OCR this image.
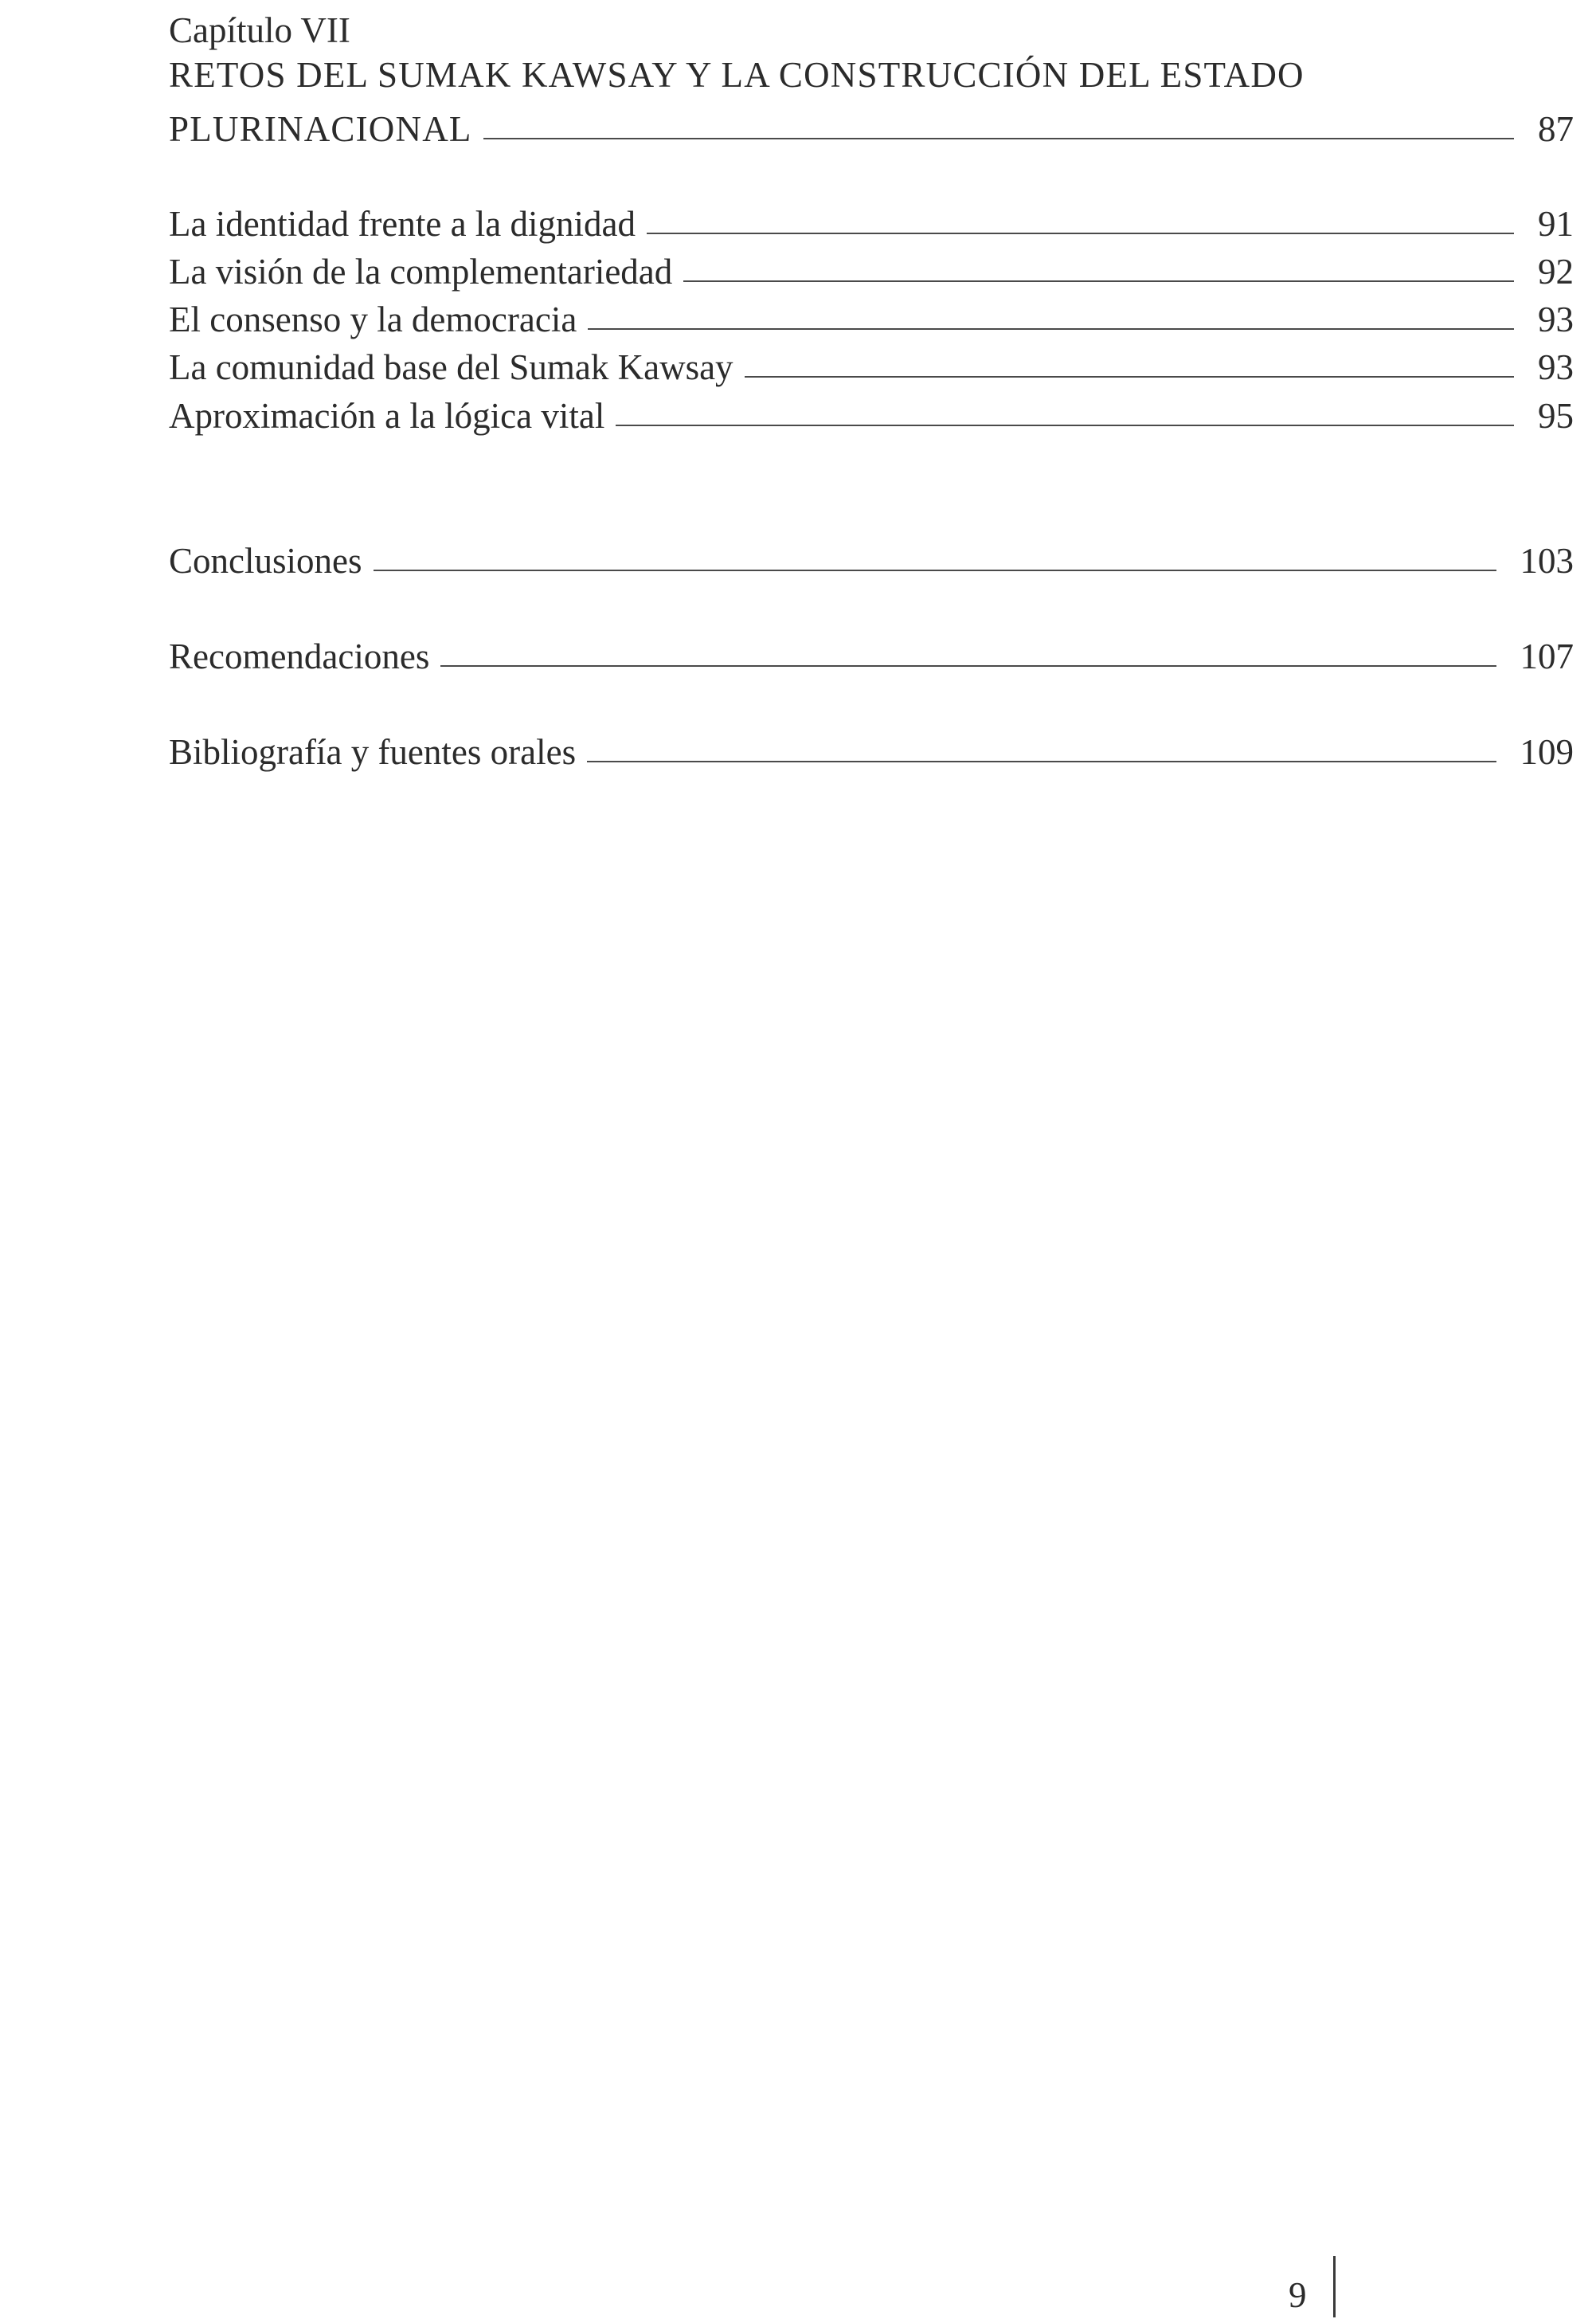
Capítulo VII
RETOS DEL SUMAK KAWSAY Y LA CONSTRUCCIÓN DEL ESTADO
PLURINACIONAL	87
La identidad frente a la dignidad	91
La visión de la complementariedad	92
El consenso y la democracia	93
La comunidad base del Sumak Kawsay	93
Aproximación a la lógica vital	95
Conclusiones	103
Recomendaciones	107
Bibliografía y fuentes orales	109
9
